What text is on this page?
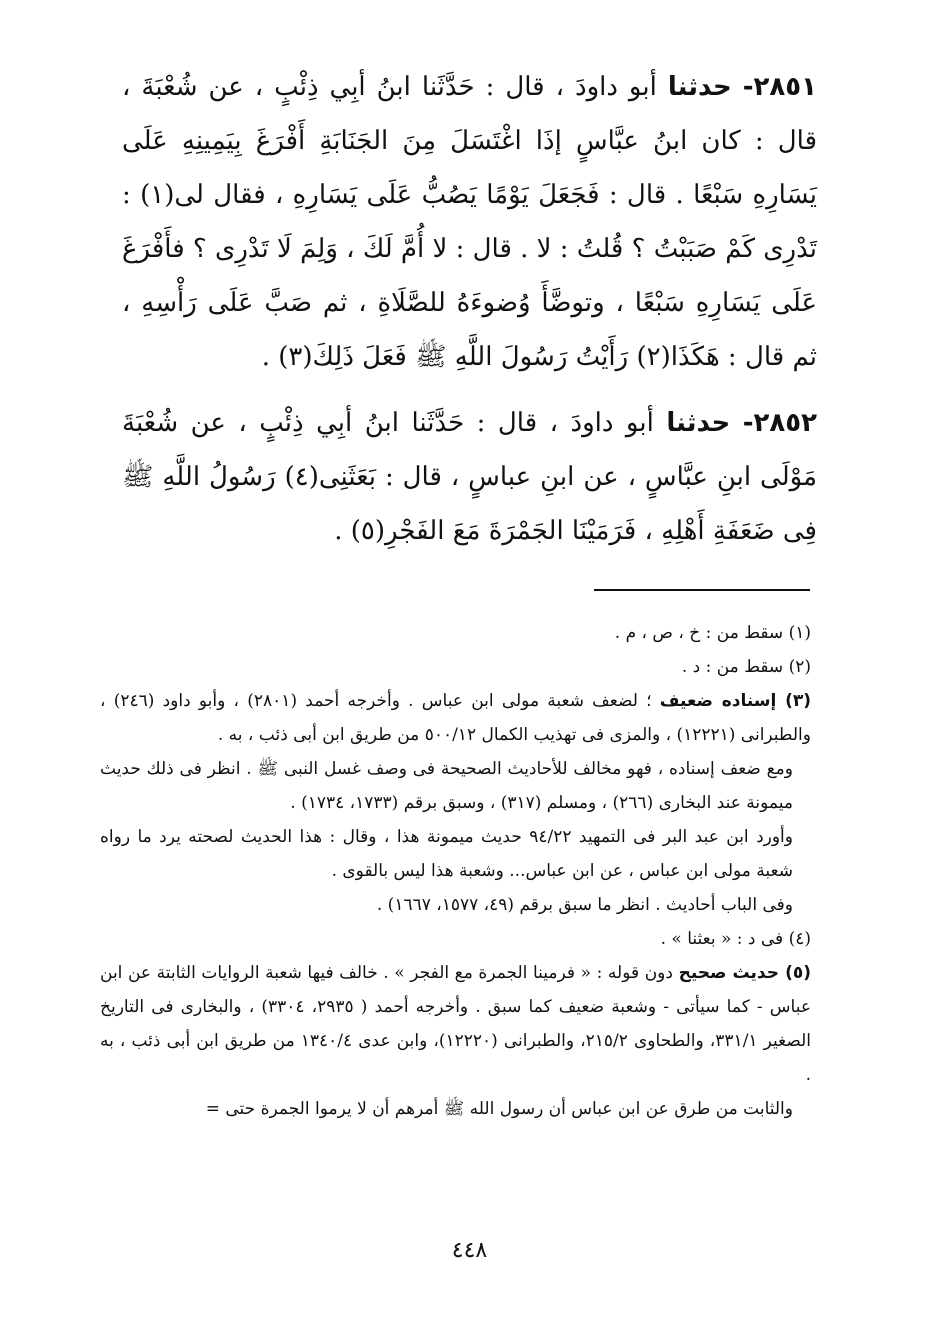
٢٨٥١- حدثنا أبو داودَ ، قال : حَدَّثَنا ابنُ أبِي ذِئْبٍ ، عن شُعْبَةَ ، قال : كان ابنُ عبَّاسٍ إذَا اغْتَسَلَ مِنَ الجَنَابَةِ أَفْرَغَ بِيَمِينِهِ عَلَى يَسَارِهِ سَبْعًا . قال : فَجَعَلَ يَوْمًا يَصُبُّ عَلَى يَسَارِهِ ، فقال لى(١) : تَدْرِى كَمْ صَبَبْتُ ؟ قُلتُ : لا . قال : لا أُمَّ لَكَ ، وَلِمَ لَا تَدْرِى ؟ فأَفْرَغَ عَلَى يَسَارِهِ سَبْعًا ، وتوضَّأَ وُضوءَهُ للصَّلَاةِ ، ثم صَبَّ عَلَى رَأْسِهِ ، ثم قال : هَكَذَا(٢) رَأَيْتُ رَسُولَ اللَّهِ ﷺ فَعَلَ ذَلِكَ(٣) .

٢٨٥٢- حدثنا أبو داودَ ، قال : حَدَّثَنا ابنُ أبِي ذِئْبٍ ، عن شُعْبَةَ مَوْلَى ابنِ عبَّاسٍ ، عن ابنِ عباسٍ ، قال : بَعَثَنِى(٤) رَسُولُ اللَّهِ ﷺ فِى ضَعَفَةِ أَهْلِهِ ، فَرَمَيْنَا الجَمْرَةَ مَعَ الفَجْرِ(٥) .

(١) سقط من : خ ، ص ، م .

(٢) سقط من : د .

(٣) إسناده ضعيف ؛ لضعف شعبة مولى ابن عباس . وأخرجه أحمد (٢٨٠١) ، وأبو داود (٢٤٦) ، والطبرانى (١٢٢٢١) ، والمزى فى تهذيب الكمال ٥٠٠/١٢ من طريق ابن أبى ذئب ، به .
ومع ضعف إسناده ، فهو مخالف للأحاديث الصحيحة فى وصف غسل النبى ﷺ . انظر فى ذلك حديث ميمونة عند البخارى (٢٦٦) ، ومسلم (٣١٧) ، وسبق برقم (١٧٣٣، ١٧٣٤) .
وأورد ابن عبد البر فى التمهيد ٩٤/٢٢ حديث ميمونة هذا ، وقال : هذا الحديث لصحته يرد ما رواه شعبة مولى ابن عباس ، عن ابن عباس... وشعبة هذا ليس بالقوى .
وفى الباب أحاديث . انظر ما سبق برقم (٤٩، ١٥٧٧، ١٦٦٧) .

(٤) فى د : « بعثنا » .

(٥) حديث صحيح دون قوله : « فرمينا الجمرة مع الفجر » . خالف فيها شعبة الروايات الثابتة عن ابن عباس - كما سيأتى - وشعبة ضعيف كما سبق . وأخرجه أحمد ( ٢٩٣٥، ٣٣٠٤) ، والبخارى فى التاريخ الصغير ٣٣١/١، والطحاوى ٢١٥/٢، والطبرانى (١٢٢٢٠)، وابن عدى ١٣٤٠/٤ من طريق ابن أبى ذئب ، به .
والثابت من طرق عن ابن عباس أن رسول الله ﷺ أمرهم أن لا يرموا الجمرة حتى =

٤٤٨
